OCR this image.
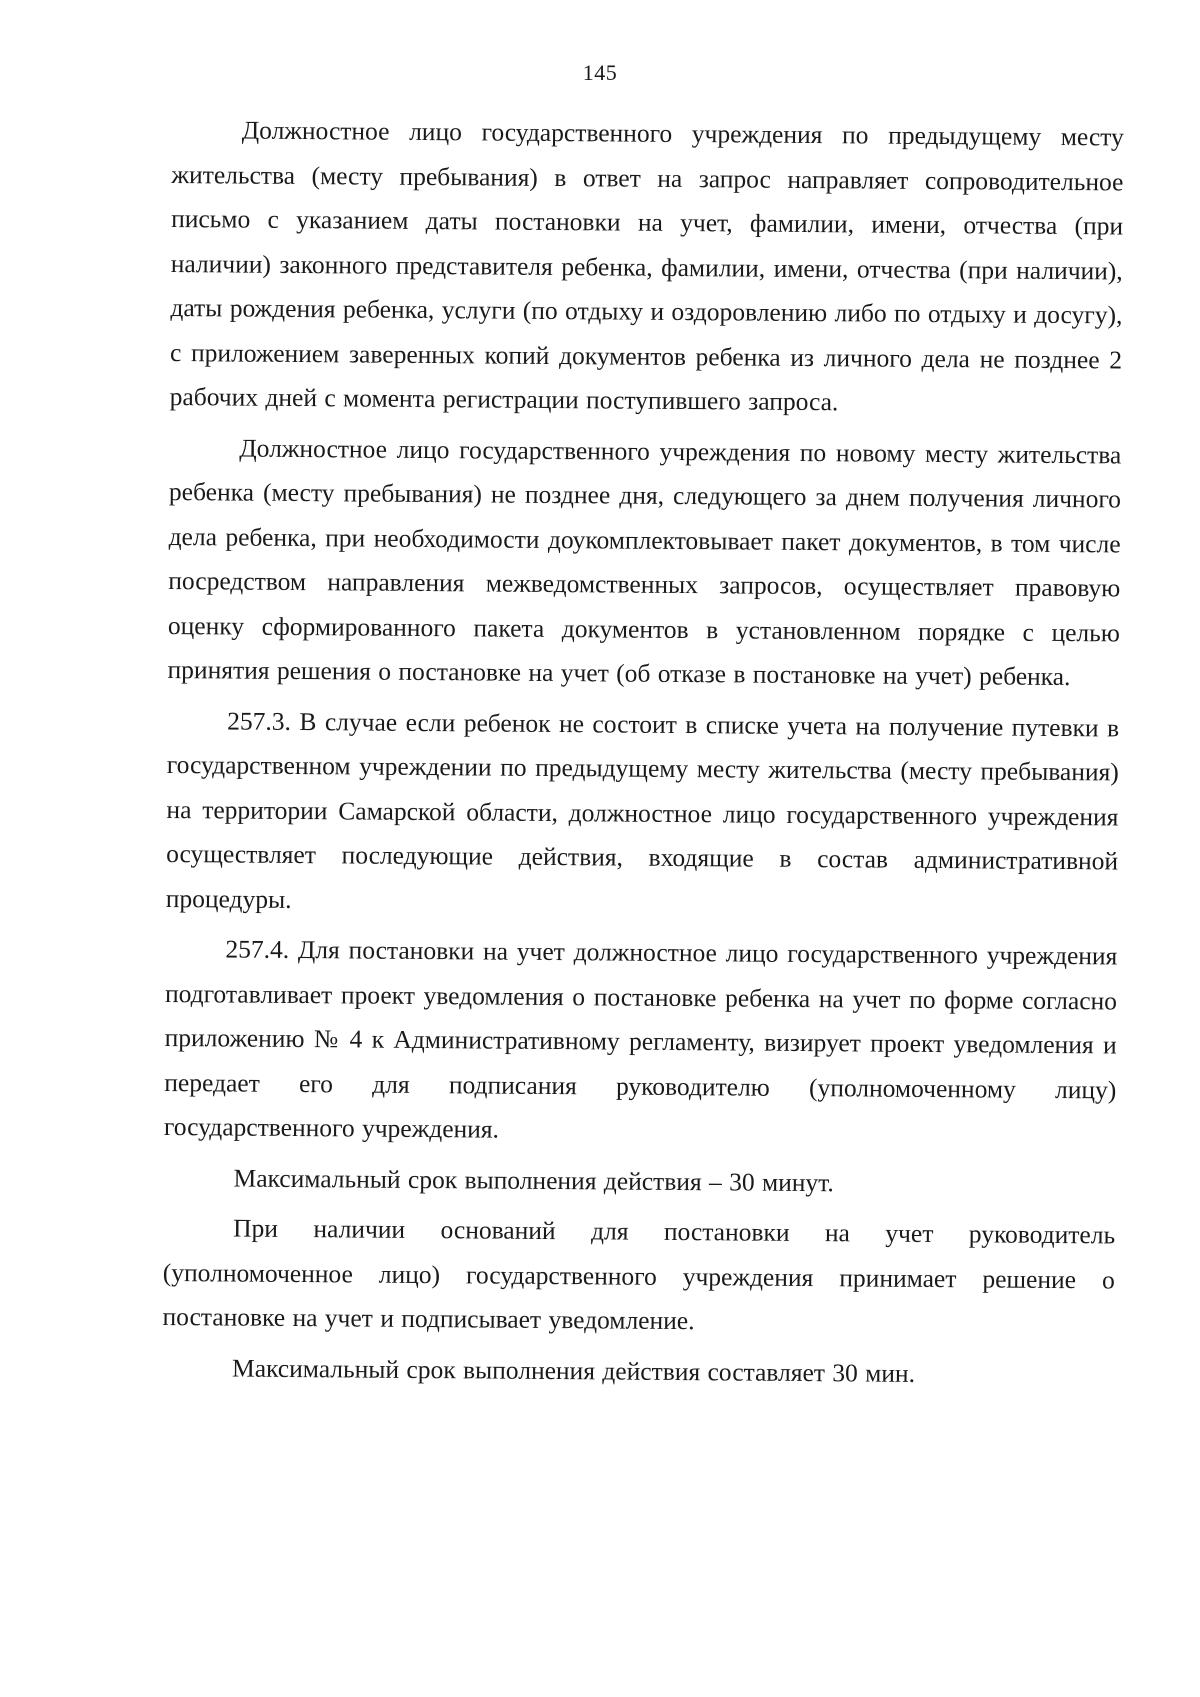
145

Должностное лицо государственного учреждения по предыдущему месту жительства (месту пребывания) в ответ на запрос направляет сопроводительное письмо с указанием даты постановки на учет, фамилии, имени, отчества (при наличии) законного представителя ребенка, фамилии, имени, отчества (при наличии), даты рождения ребенка, услуги (по отдыху и оздоровлению либо по отдыху и досугу), с приложением заверенных копий документов ребенка из личного дела не позднее 2 рабочих дней с момента регистрации поступившего запроса.

Должностное лицо государственного учреждения по новому месту жительства ребенка (месту пребывания) не позднее дня, следующего за днем получения личного дела ребенка, при необходимости доукомплектовывает пакет документов, в том числе посредством направления межведомственных запросов, осуществляет правовую оценку сформированного пакета документов в установленном порядке с целью принятия решения о постановке на учет (об отказе в постановке на учет) ребенка.

257.3. В случае если ребенок не состоит в списке учета на получение путевки в государственном учреждении по предыдущему месту жительства (месту пребывания) на территории Самарской области, должностное лицо государственного учреждения осуществляет последующие действия, входящие в состав административной процедуры.

257.4. Для постановки на учет должностное лицо государственного учреждения подготавливает проект уведомления о постановке ребенка на учет по форме согласно приложению № 4 к Административному регламенту, визирует проект уведомления и передает его для подписания руководителю (уполномоченному лицу) государственного учреждения.

Максимальный срок выполнения действия – 30 минут.

При наличии оснований для постановки на учет руководитель (уполномоченное лицо) государственного учреждения принимает решение о постановке на учет и подписывает уведомление.

Максимальный срок выполнения действия составляет 30 мин.
